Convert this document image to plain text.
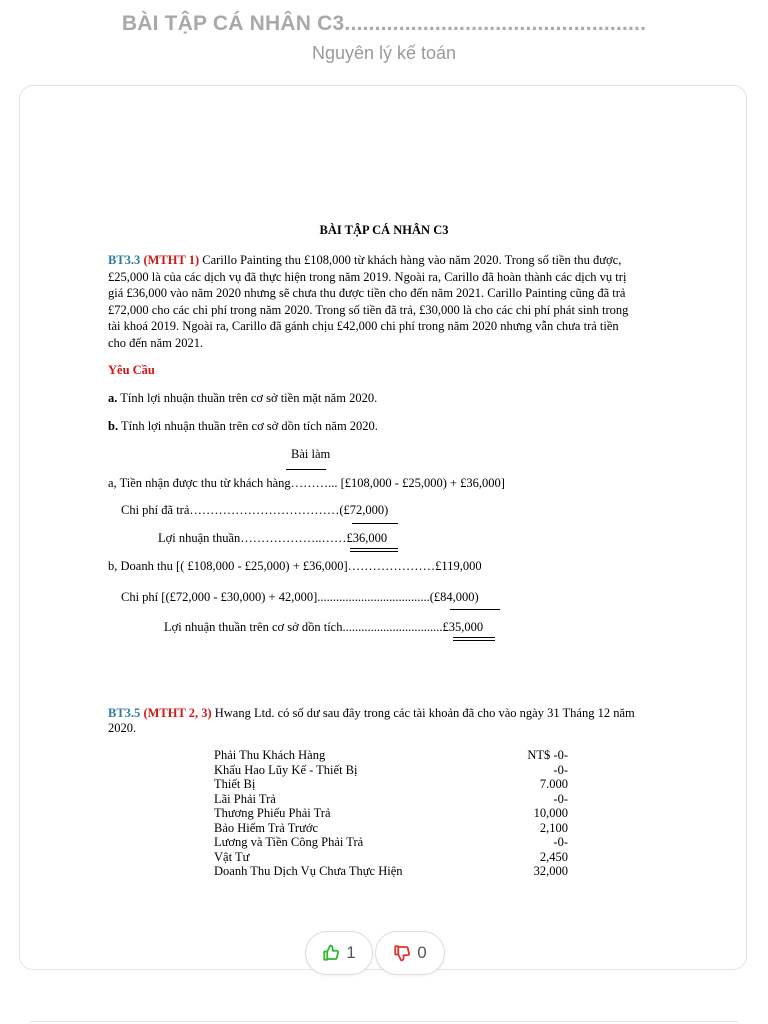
BÀI TẬP CÁ NHÂN C3..................................................
Nguyên lý kế toán
BÀI TẬP CÁ NHÂN C3
BT3.3 (MTHT 1) Carillo Painting thu £108,000 từ khách hàng vào năm 2020. Trong số tiền thu được,
£25,000 là của các dịch vụ đã thực hiện trong năm 2019. Ngoài ra, Carillo đã hoàn thành các dịch vụ trị
giá £36,000 vào năm 2020 nhưng sẽ chưa thu được tiền cho đến năm 2021. Carillo Painting cũng đã trả
£72,000 cho các chi phí trong năm 2020. Trong số tiền đã trả, £30,000 là cho các chi phí phát sinh trong
tài khoá 2019. Ngoài ra, Carillo đã gánh chịu £42,000 chi phí trong năm 2020 nhưng vẫn chưa trả tiền
cho đến năm 2021.
Yêu Cầu
a. Tính lợi nhuận thuần trên cơ sở tiền mặt năm 2020.
b. Tính lợi nhuận thuần trên cơ sở dồn tích năm 2020.
Bài làm
a, Tiền nhận được thu từ khách hàng………... [£108,000 - £25,000) + £36,000]
Chi phí đã trả………………………………(£72,000)
Lợi nhuận thuần………………..……£36,000
b, Doanh thu [( £108,000 - £25,000) + £36,000]…………………£119,000
Chi phí [(£72,000 - £30,000) + 42,000]....................................(£84,000)
Lợi nhuận thuần trên cơ sở dồn tích................................£35,000
BT3.5 (MTHT 2, 3) Hwang Ltd. có số dư sau đây trong các tài khoản đã cho vào ngày 31 Tháng 12 năm
2020.
Phải Thu Khách Hàng	NT$ -0-
Khấu Hao Lũy Kế - Thiết Bị	-0-
Thiết Bị	7.000
Lãi Phải Trả	-0-
Thương Phiếu Phải Trả	10,000
Bảo Hiểm Trả Trước	2,100
Lương và Tiền Công Phải Trả	-0-
Vật Tư	2,450
Doanh Thu Dịch Vụ Chưa Thực Hiện	32,000
1	0
